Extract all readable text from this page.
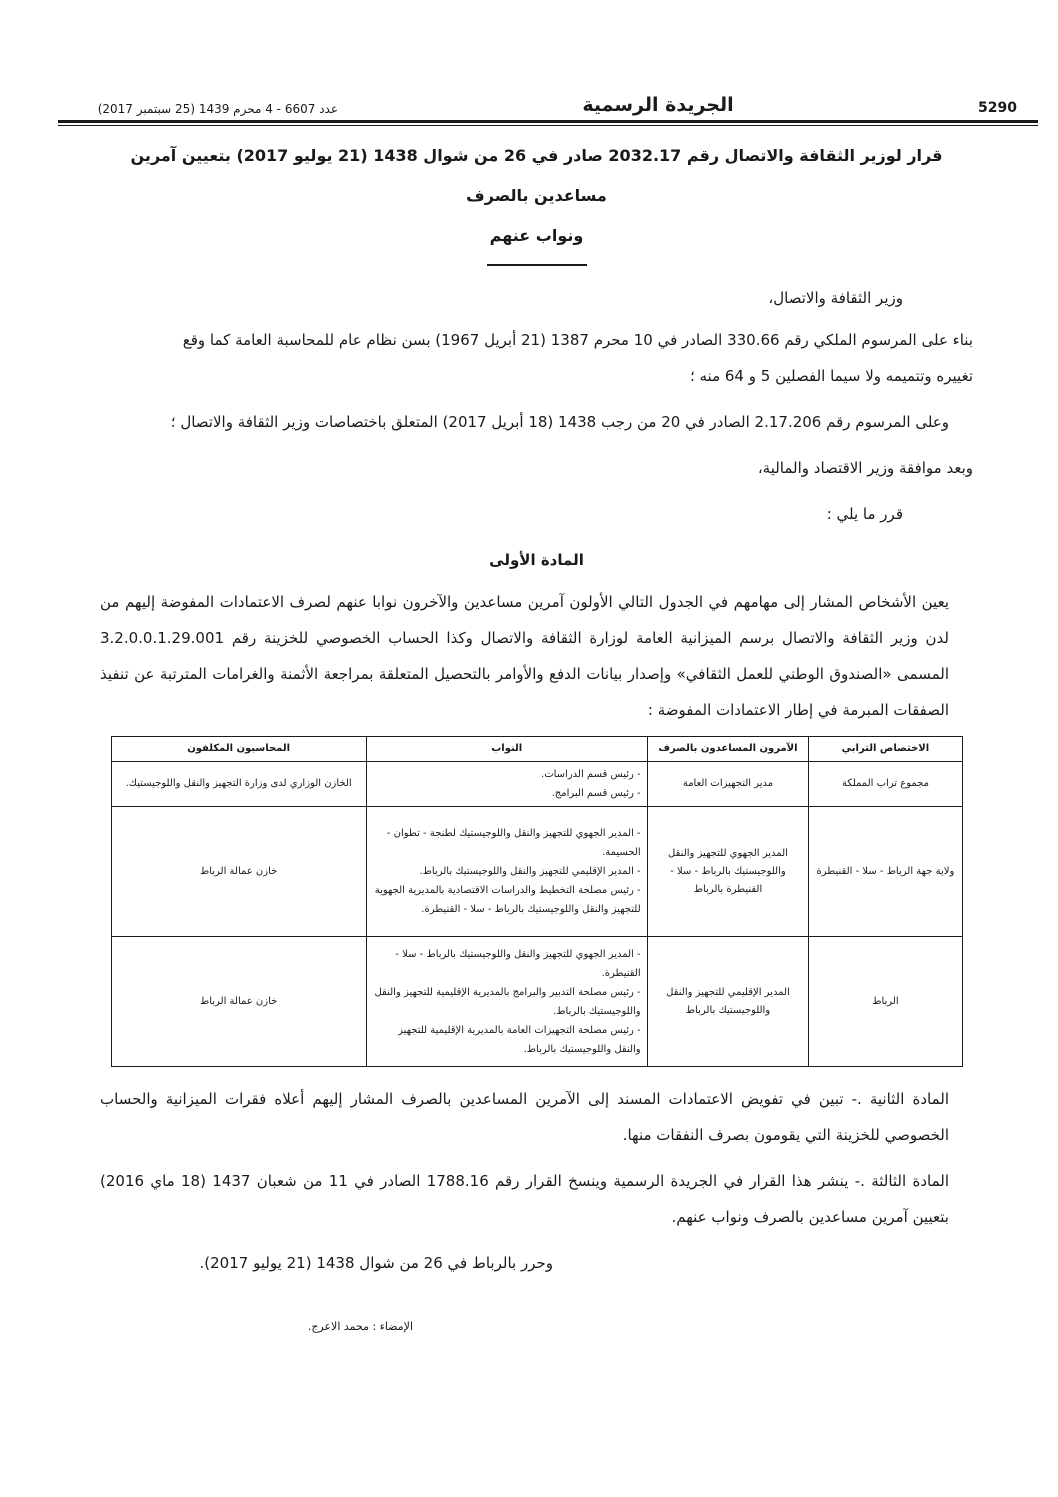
عدد 6607 - 4 محرم 1439 (25 سبتمبر 2017)	الجريدة الرسمية	5290

قرار لوزير الثقافة والاتصال رقم 2032.17 صادر في 26 من شوال 1438 (21 يوليو 2017) بتعيين آمرين مساعدين بالصرف

ونواب عنهم

وزير الثقافة والاتصال،

بناء على المرسوم الملكي رقم 330.66 الصادر في 10 محرم 1387 (21 أبريل 1967) بسن نظام عام للمحاسبة العامة كما وقع

تغييره وتتميمه ولا سيما الفصلين 5 و 64 منه ؛

وعلى المرسوم رقم 2.17.206 الصادر في 20 من رجب 1438 (18 أبريل 2017) المتعلق باختصاصات وزير الثقافة والاتصال ؛

وبعد موافقة وزير الاقتصاد والمالية،

قرر ما يلي :

المادة الأولى

يعين الأشخاص المشار إلى مهامهم في الجدول التالي الأولون آمرين مساعدين والآخرون نوابا عنهم لصرف الاعتمادات المفوضة إليهم من لدن وزير الثقافة والاتصال برسم الميزانية العامة لوزارة الثقافة والاتصال وكذا الحساب الخصوصي للخزينة رقم 3.2.0.0.1.29.001 المسمى «الصندوق الوطني للعمل الثقافي» وإصدار بيانات الدفع والأوامر بالتحصيل المتعلقة بمراجعة الأثمنة والغرامات المترتبة عن تنفيذ الصفقات المبرمة في إطار الاعتمادات المفوضة :

الاختصاص الترابي	الآمرون المساعدون بالصرف	النواب	المحاسبون المكلفون
مجموع تراب المملكة	مدير التجهيزات العامة	- رئيس قسم الدراسات.
- رئيس قسم البرامج.	الخازن الوزاري لدى وزارة التجهيز والنقل واللوجيستيك.
ولاية جهة الرباط - سلا - القنيطرة	المدير الجهوي للتجهيز والنقل واللوجيستيك بالرباط - سلا - القنيطرة بالرباط	- المدير الجهوي للتجهيز والنقل واللوجيستيك لطنجة - تطوان - الحسيمة.
- المدير الإقليمي للتجهيز والنقل واللوجيستيك بالرباط.
- رئيس مصلحة التخطيط والدراسات الاقتصادية بالمديرية الجهوية للتجهيز والنقل واللوجيستيك بالرباط - سلا - القنيطرة.	خازن عمالة الرباط
الرباط	المدير الإقليمي للتجهيز والنقل واللوجيستيك بالرباط	- المدير الجهوي للتجهيز والنقل واللوجيستيك بالرباط - سلا - القنيطرة.
- رئيس مصلحة التدبير والبرامج بالمديرية الإقليمية للتجهيز والنقل واللوجيستيك بالرباط.
- رئيس مصلحة التجهيزات العامة بالمديرية الإقليمية للتجهيز والنقل واللوجيستيك بالرباط.	خازن عمالة الرباط

المادة الثانية .- تبين في تفويض الاعتمادات المسند إلى الآمرين المساعدين بالصرف المشار إليهم أعلاه فقرات الميزانية والحساب الخصوصي للخزينة التي يقومون بصرف النفقات منها.

المادة الثالثة .- ينشر هذا القرار في الجريدة الرسمية وينسخ القرار رقم 1788.16 الصادر في 11 من شعبان 1437 (18 ماي 2016) بتعيين آمرين مساعدين بالصرف ونواب عنهم.

وحرر بالرباط في 26 من شوال 1438 (21 يوليو 2017).

الإمضاء : محمد الاعرج.
